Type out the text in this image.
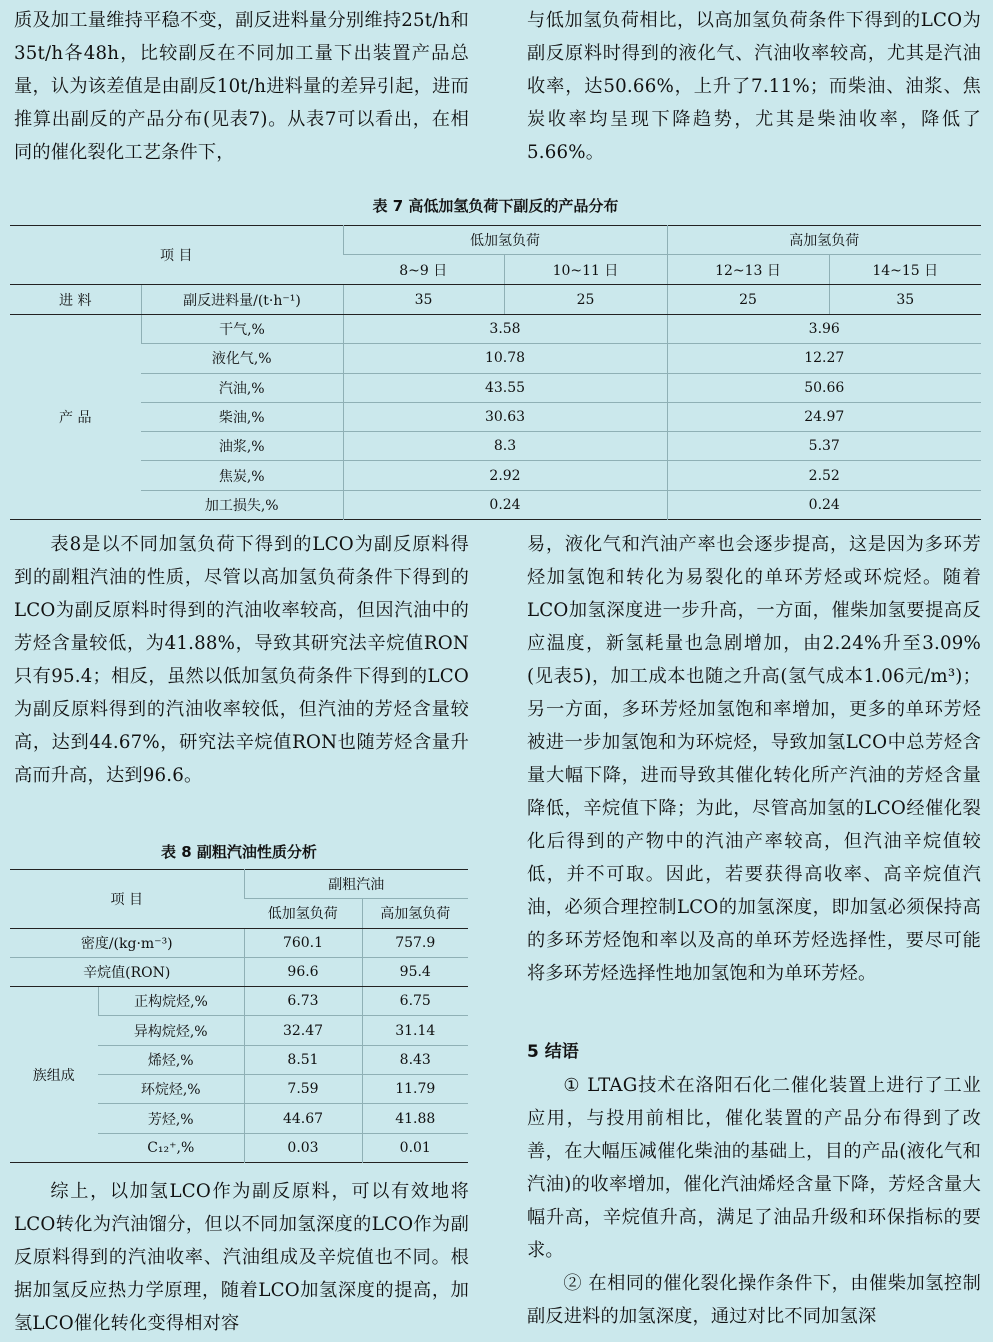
质及加工量维持平稳不变，副反进料量分别维持25t/h和35t/h各48h，比较副反在不同加工量下出装置产品总量，认为该差值是由副反10t/h进料量的差异引起，进而推算出副反的产品分布(见表7)。从表7可以看出，在相同的催化裂化工艺条件下，

与低加氢负荷相比，以高加氢负荷条件下得到的LCO为副反原料时得到的液化气、汽油收率较高，尤其是汽油收率，达50.66%，上升了7.11%；而柴油、油浆、焦炭收率均呈现下降趋势，尤其是柴油收率，降低了5.66%。

表 7 高低加氢负荷下副反的产品分布
项 目		低加氢负荷		高加氢负荷	
		8~9 日	10~11 日	12~13 日	14~15 日
进 料	副反进料量/(t·h⁻¹)	35	25	25	35
产 品	干气,%	3.58		3.96	
	液化气,%	10.78		12.27	
	汽油,%	43.55		50.66	
	柴油,%	30.63		24.97	
	油浆,%	8.3		5.37	
	焦炭,%	2.92		2.52	
	加工损失,%	0.24		0.24	

表8是以不同加氢负荷下得到的LCO为副反原料得到的副粗汽油的性质，尽管以高加氢负荷条件下得到的LCO为副反原料时得到的汽油收率较高，但因汽油中的芳烃含量较低，为41.88%，导致其研究法辛烷值RON只有95.4；相反，虽然以低加氢负荷条件下得到的LCO为副反原料得到的汽油收率较低，但汽油的芳烃含量较高，达到44.67%，研究法辛烷值RON也随芳烃含量升高而升高，达到96.6。

表 8 副粗汽油性质分析
项 目		副粗汽油	
		低加氢负荷	高加氢负荷
密度/(kg·m⁻³)		760.1	757.9
辛烷值(RON)		96.6	95.4
族组成	正构烷烃,%	6.73	6.75
	异构烷烃,%	32.47	31.14
	烯烃,%	8.51	8.43
	环烷烃,%	7.59	11.79
	芳烃,%	44.67	41.88
	C₁₂⁺,%	0.03	0.01

综上，以加氢LCO作为副反原料，可以有效地将LCO转化为汽油馏分，但以不同加氢深度的LCO作为副反原料得到的汽油收率、汽油组成及辛烷值也不同。根据加氢反应热力学原理，随着LCO加氢深度的提高，加氢LCO催化转化变得相对容

易，液化气和汽油产率也会逐步提高，这是因为多环芳烃加氢饱和转化为易裂化的单环芳烃或环烷烃。随着LCO加氢深度进一步升高，一方面，催柴加氢要提高反应温度，新氢耗量也急剧增加，由2.24%升至3.09%(见表5)，加工成本也随之升高(氢气成本1.06元/m³)；另一方面，多环芳烃加氢饱和率增加，更多的单环芳烃被进一步加氢饱和为环烷烃，导致加氢LCO中总芳烃含量大幅下降，进而导致其催化转化所产汽油的芳烃含量降低，辛烷值下降；为此，尽管高加氢的LCO经催化裂化后得到的产物中的汽油产率较高，但汽油辛烷值较低，并不可取。因此，若要获得高收率、高辛烷值汽油，必须合理控制LCO的加氢深度，即加氢必须保持高的多环芳烃饱和率以及高的单环芳烃选择性，要尽可能将多环芳烃选择性地加氢饱和为单环芳烃。

5 结语

① LTAG技术在洛阳石化二催化装置上进行了工业应用，与投用前相比，催化装置的产品分布得到了改善，在大幅压减催化柴油的基础上，目的产品(液化气和汽油)的收率增加，催化汽油烯烃含量下降，芳烃含量大幅升高，辛烷值升高，满足了油品升级和环保指标的要求。

② 在相同的催化裂化操作条件下，由催柴加氢控制副反进料的加氢深度，通过对比不同加氢深
